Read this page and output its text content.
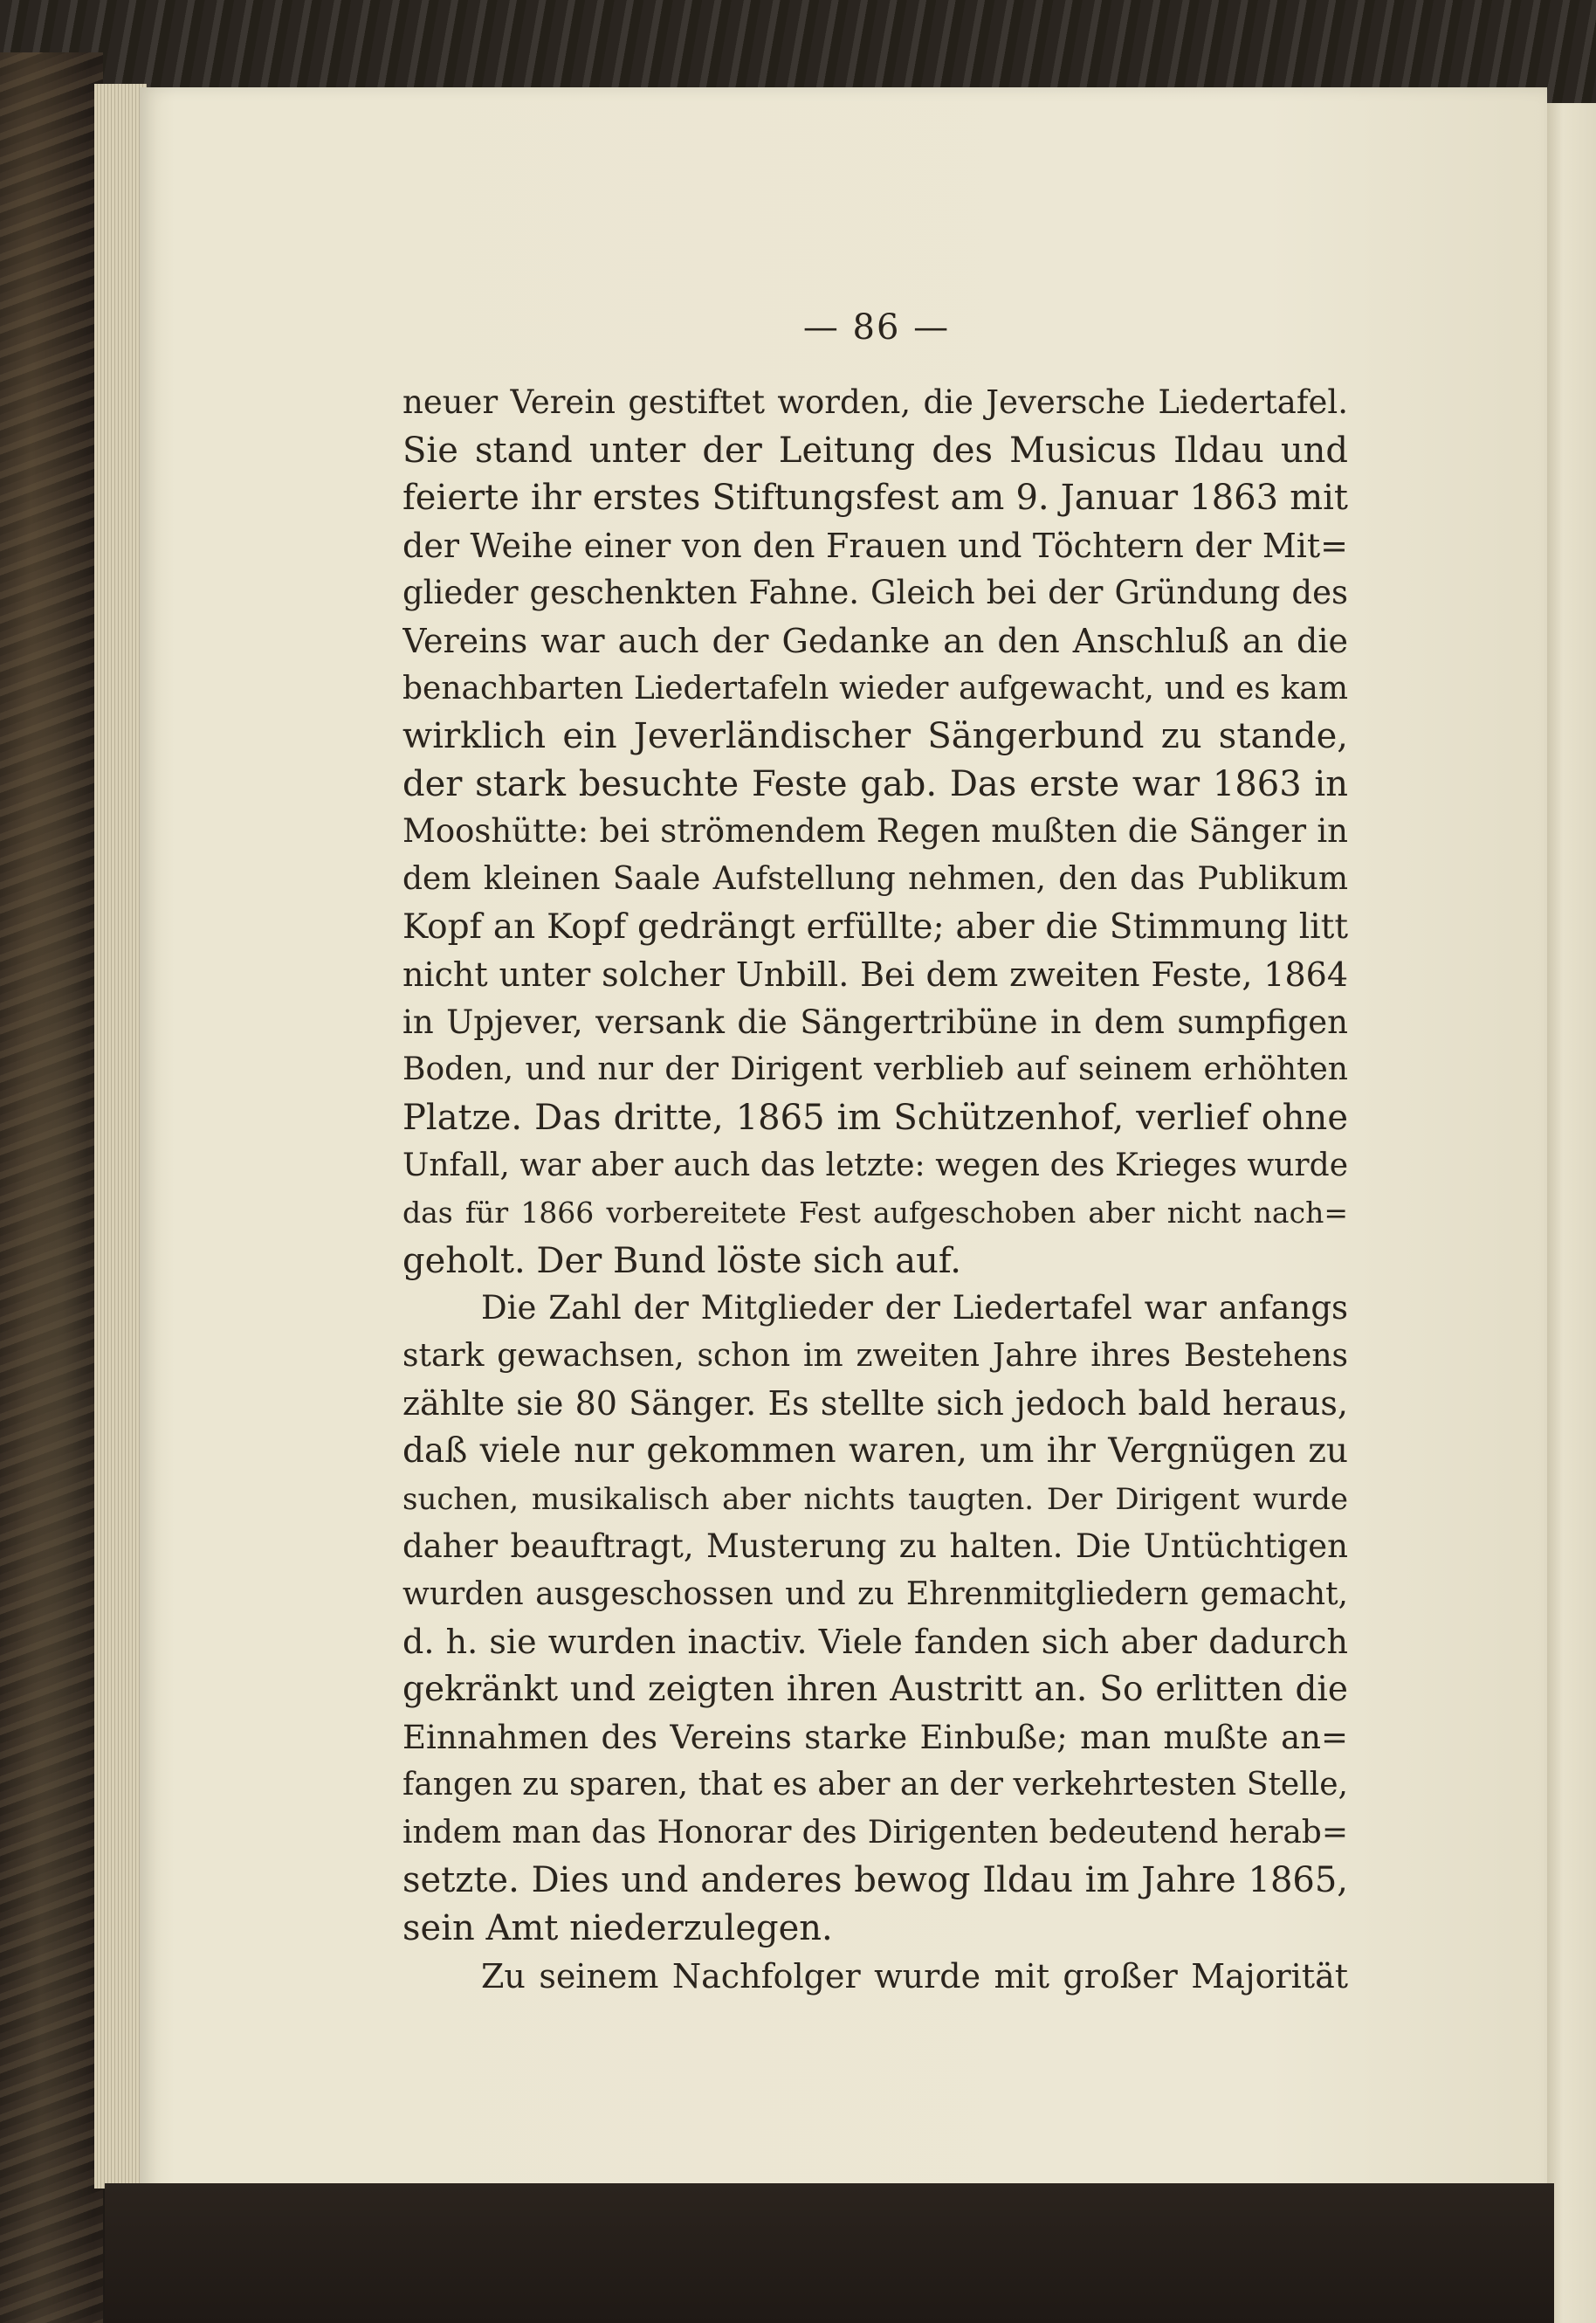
— 86 —
neuer Verein gestiftet worden, die Jeversche Liedertafel.
Sie stand unter der Leitung des Musicus Ildau und
feierte ihr erstes Stiftungsfest am 9. Januar 1863 mit
der Weihe einer von den Frauen und Töchtern der Mit=
glieder geschenkten Fahne. Gleich bei der Gründung des
Vereins war auch der Gedanke an den Anschluß an die
benachbarten Liedertafeln wieder aufgewacht, und es kam
wirklich ein Jeverländischer Sängerbund zu stande,
der stark besuchte Feste gab. Das erste war 1863 in
Mooshütte: bei strömendem Regen mußten die Sänger in
dem kleinen Saale Aufstellung nehmen, den das Publikum
Kopf an Kopf gedrängt erfüllte; aber die Stimmung litt
nicht unter solcher Unbill. Bei dem zweiten Feste, 1864
in Upjever, versank die Sängertribüne in dem sumpfigen
Boden, und nur der Dirigent verblieb auf seinem erhöhten
Platze. Das dritte, 1865 im Schützenhof, verlief ohne
Unfall, war aber auch das letzte: wegen des Krieges wurde
das für 1866 vorbereitete Fest aufgeschoben aber nicht nach=
geholt. Der Bund löste sich auf.
Die Zahl der Mitglieder der Liedertafel war anfangs
stark gewachsen, schon im zweiten Jahre ihres Bestehens
zählte sie 80 Sänger. Es stellte sich jedoch bald heraus,
daß viele nur gekommen waren, um ihr Vergnügen zu
suchen, musikalisch aber nichts taugten. Der Dirigent wurde
daher beauftragt, Musterung zu halten. Die Untüchtigen
wurden ausgeschossen und zu Ehrenmitgliedern gemacht,
d. h. sie wurden inactiv. Viele fanden sich aber dadurch
gekränkt und zeigten ihren Austritt an. So erlitten die
Einnahmen des Vereins starke Einbuße; man mußte an=
fangen zu sparen, that es aber an der verkehrtesten Stelle,
indem man das Honorar des Dirigenten bedeutend herab=
setzte. Dies und anderes bewog Ildau im Jahre 1865,
sein Amt niederzulegen.
Zu seinem Nachfolger wurde mit großer Majorität
